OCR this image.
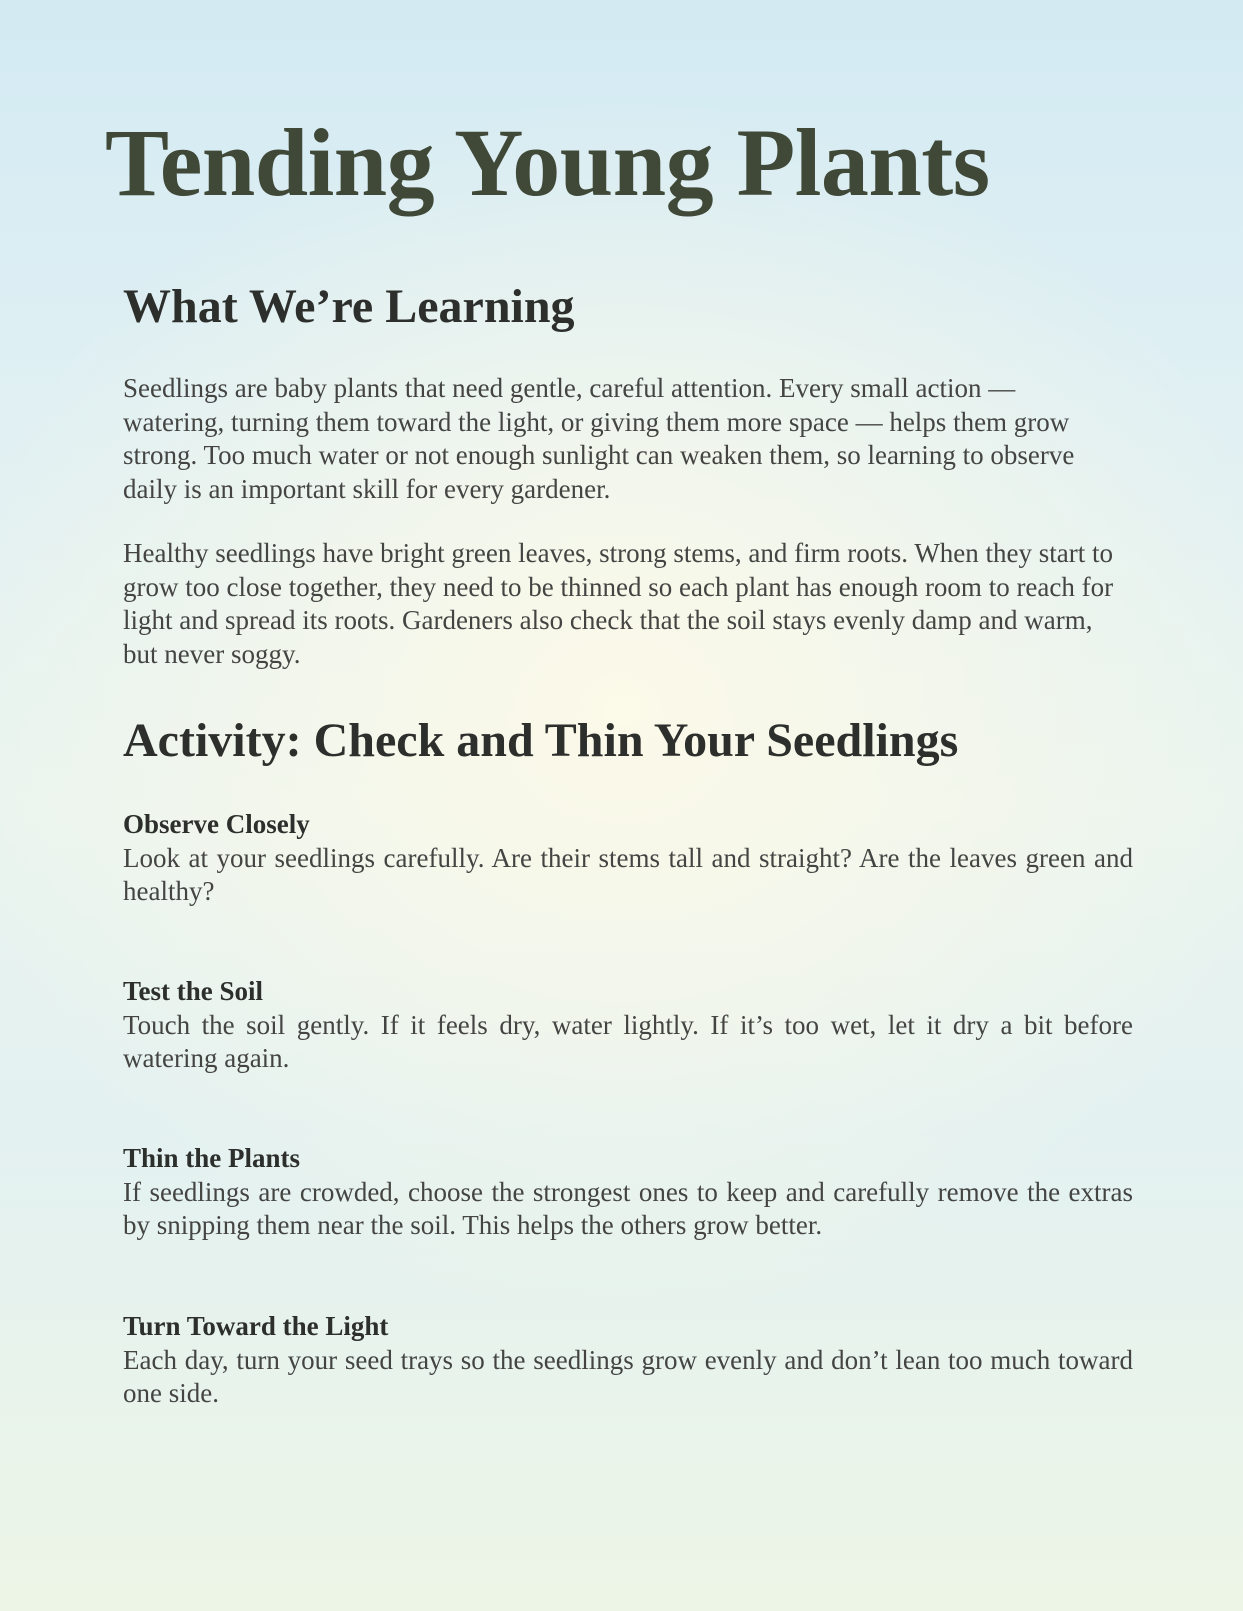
Tending Young Plants
What We’re Learning

Seedlings are baby plants that need gentle, careful attention. Every small action — watering, turning them toward the light, or giving them more space — helps them grow strong. Too much water or not enough sunlight can weaken them, so learning to observe daily is an important skill for every gardener.

Healthy seedlings have bright green leaves, strong stems, and firm roots. When they start to grow too close together, they need to be thinned so each plant has enough room to reach for light and spread its roots. Gardeners also check that the soil stays evenly damp and warm, but never soggy.

Activity: Check and Thin Your Seedlings

Observe Closely

Look at your seedlings carefully. Are their stems tall and straight? Are the leaves green and healthy?

Test the Soil

Touch the soil gently. If it feels dry, water lightly. If it’s too wet, let it dry a bit before watering again.

Thin the Plants

If seedlings are crowded, choose the strongest ones to keep and carefully remove the extras by snipping them near the soil. This helps the others grow better.

Turn Toward the Light

Each day, turn your seed trays so the seedlings grow evenly and don’t lean too much toward one side.
